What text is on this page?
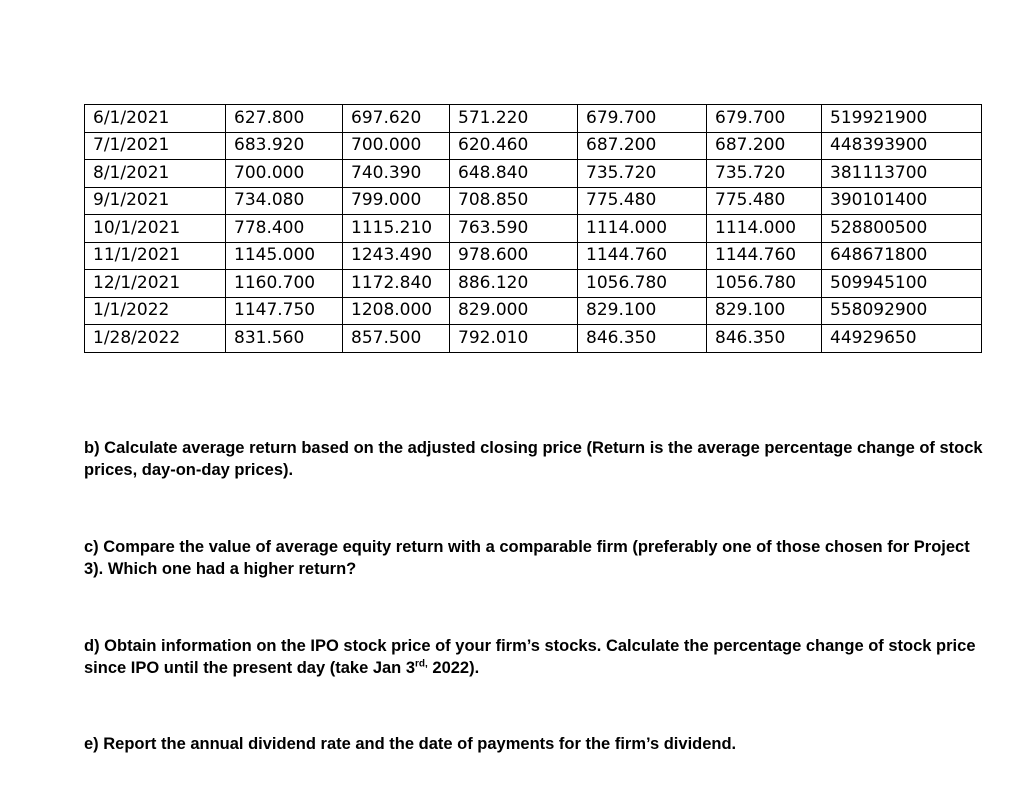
6/1/2021	627.800	697.620	571.220	679.700	679.700	519921900
7/1/2021	683.920	700.000	620.460	687.200	687.200	448393900
8/1/2021	700.000	740.390	648.840	735.720	735.720	381113700
9/1/2021	734.080	799.000	708.850	775.480	775.480	390101400
10/1/2021	778.400	1115.210	763.590	1114.000	1114.000	528800500
11/1/2021	1145.000	1243.490	978.600	1144.760	1144.760	648671800
12/1/2021	1160.700	1172.840	886.120	1056.780	1056.780	509945100
1/1/2022	1147.750	1208.000	829.000	829.100	829.100	558092900
1/28/2022	831.560	857.500	792.010	846.350	846.350	44929650

b) Calculate average return based on the adjusted closing price (Return is the average percentage change of stock prices, day-on-day prices).

c) Compare the value of average equity return with a comparable firm (preferably one of those chosen for Project 3). Which one had a higher return?

d) Obtain information on the IPO stock price of your firm’s stocks. Calculate the percentage change of stock price since IPO until the present day (take Jan $3^{rd,}$ 2022).

e) Report the annual dividend rate and the date of payments for the firm’s dividend.
